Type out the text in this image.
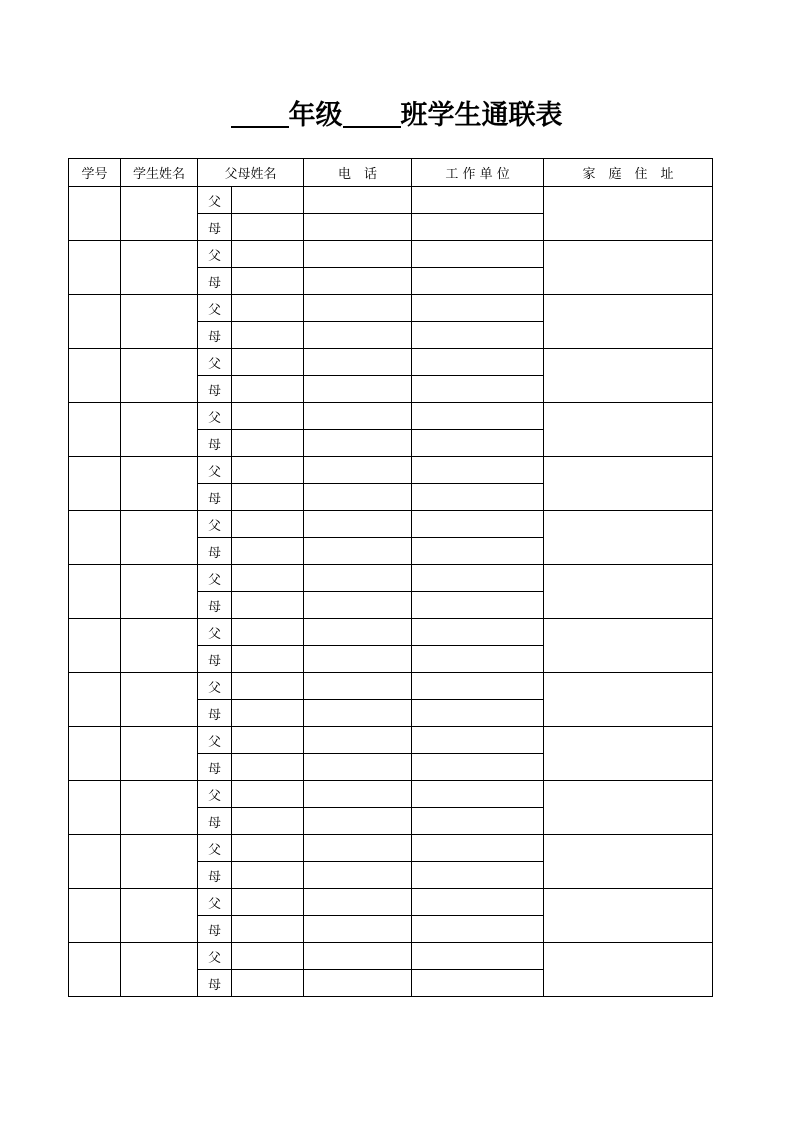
年级 班学生通联表
学号	学生姓名	父母姓名		电　话	工 作 单 位	家　庭　住　址
		父				
		母				
		父				
		母				
		父				
		母				
		父				
		母				
		父				
		母				
		父				
		母				
		父				
		母				
		父				
		母				
		父				
		母				
		父				
		母				
		父				
		母				
		父				
		母				
		父				
		母				
		父				
		母				
		父				
		母				
